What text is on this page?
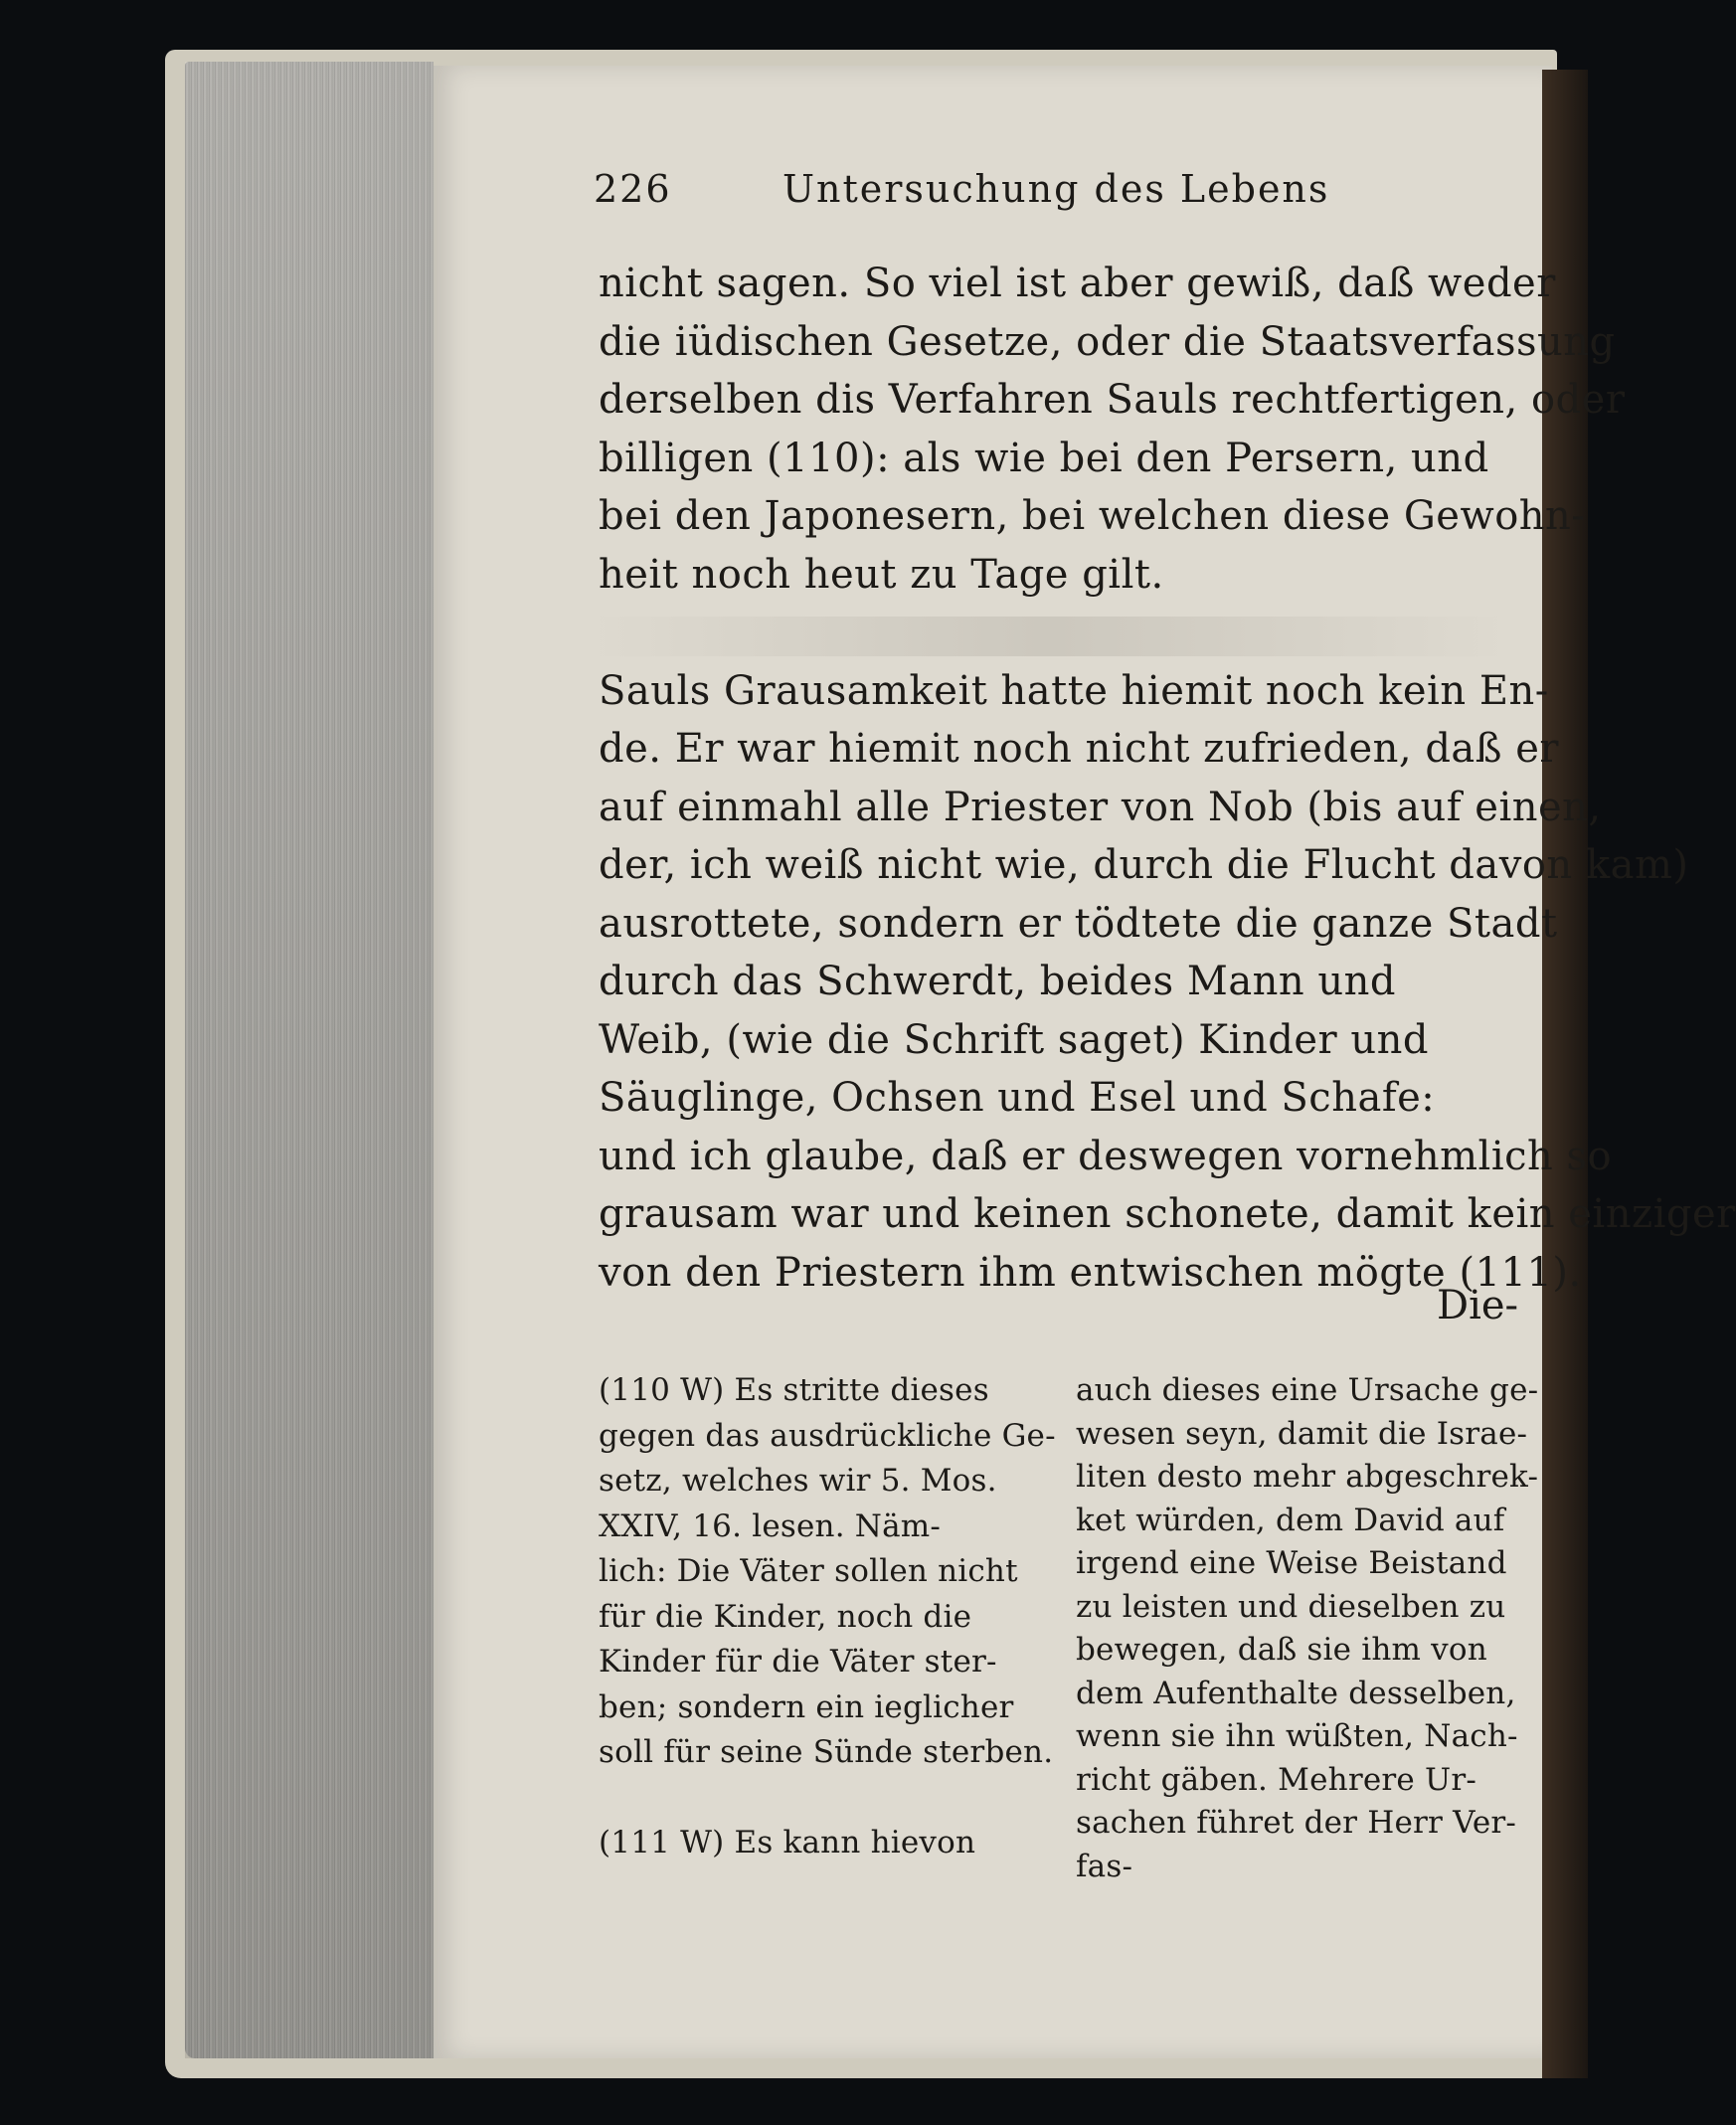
226	Untersuchung des Lebens
nicht sagen. So viel ist aber gewiß, daß weder
die iüdischen Gesetze, oder die Staatsverfassung
derselben dis Verfahren Sauls rechtfertigen, oder
billigen (110): als wie bei den Persern, und
bei den Japonesern, bei welchen diese Gewohn-
heit noch heut zu Tage gilt.
Sauls Grausamkeit hatte hiemit noch kein En-
de. Er war hiemit noch nicht zufrieden, daß er
auf einmahl alle Priester von Nob (bis auf einen,
der, ich weiß nicht wie, durch die Flucht davon kam)
ausrottete, sondern er tödtete die ganze Stadt
durch das Schwerdt, beides Mann und
Weib, (wie die Schrift saget) Kinder und
Säuglinge, Ochsen und Esel und Schafe:
und ich glaube, daß er deswegen vornehmlich so
grausam war und keinen schonete, damit kein einziger
von den Priestern ihm entwischen mögte (111).
Die-
(110 W) Es stritte dieses
gegen das ausdrückliche Ge-
setz, welches wir 5. Mos.
XXIV, 16. lesen. Näm-
lich: Die Väter sollen nicht
für die Kinder, noch die
Kinder für die Väter ster-
ben; sondern ein ieglicher
soll für seine Sünde sterben.
(111 W) Es kann hievon
auch dieses eine Ursache ge-
wesen seyn, damit die Israe-
liten desto mehr abgeschrek-
ket würden, dem David auf
irgend eine Weise Beistand
zu leisten und dieselben zu
bewegen, daß sie ihm von
dem Aufenthalte desselben,
wenn sie ihn wüßten, Nach-
richt gäben. Mehrere Ur-
sachen führet der Herr Ver-
fas-
